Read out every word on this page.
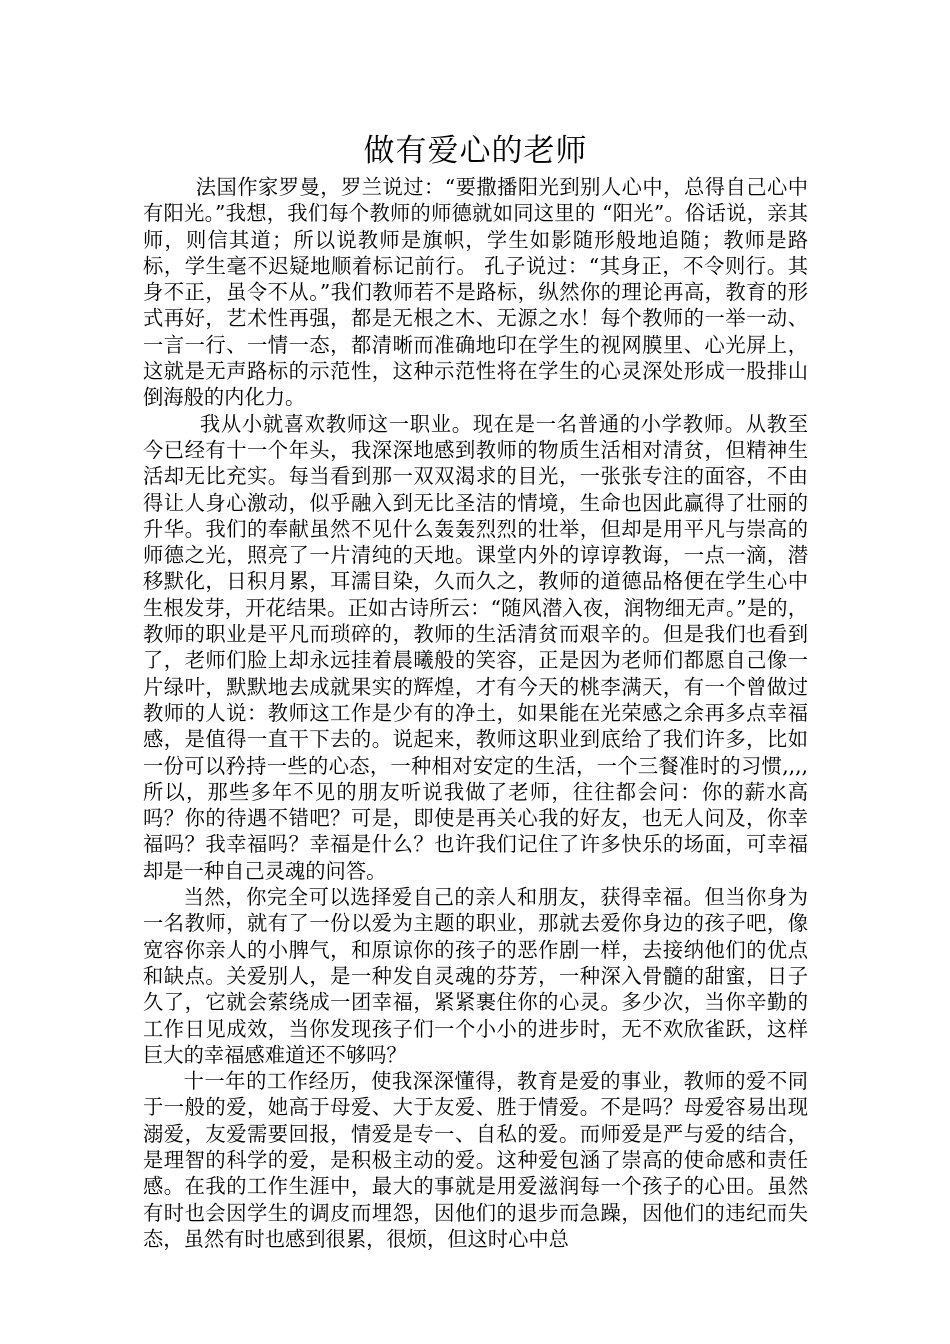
做有爱心的老师

法国作家罗曼，罗兰说过：“要撒播阳光到别人心中，总得自己心中有阳光。”我想，我们每个教师的师德就如同这里的 “阳光”。俗话说，亲其师，则信其道；所以说教师是旗帜，学生如影随形般地追随；教师是路标，学生毫不迟疑地顺着标记前行。 孔子说过：“其身正，不令则行。其身不正，虽令不从。”我们教师若不是路标，纵然你的理论再高，教育的形式再好，艺术性再强，都是无根之木、无源之水！每个教师的一举一动、一言一行、一情一态，都清晰而准确地印在学生的视网膜里、心光屏上，这就是无声路标的示范性，这种示范性将在学生的心灵深处形成一股排山倒海般的内化力。

我从小就喜欢教师这一职业。现在是一名普通的小学教师。从教至今已经有十一个年头，我深深地感到教师的物质生活相对清贫，但精神生活却无比充实。每当看到那一双双渴求的目光，一张张专注的面容，不由得让人身心激动，似乎融入到无比圣洁的情境，生命也因此赢得了壮丽的升华。我们的奉献虽然不见什么轰轰烈烈的壮举，但却是用平凡与崇高的师德之光，照亮了一片清纯的天地。课堂内外的谆谆教诲，一点一滴，潜移默化，日积月累，耳濡目染，久而久之，教师的道德品格便在学生心中生根发芽，开花结果。正如古诗所云：“随风潜入夜，润物细无声。”是的，教师的职业是平凡而琐碎的，教师的生活清贫而艰辛的。但是我们也看到了，老师们脸上却永远挂着晨曦般的笑容，正是因为老师们都愿自己像一片绿叶，默默地去成就果实的辉煌，才有今天的桃李满天，有一个曾做过教师的人说：教师这工作是少有的净土，如果能在光荣感之余再多点幸福感，是值得一直干下去的。说起来，教师这职业到底给了我们许多，比如一份可以矜持一些的心态，一种相对安定的生活，一个三餐准时的习惯,,,,所以，那些多年不见的朋友听说我做了老师，往往都会问：你的薪水高吗？你的待遇不错吧？可是，即使是再关心我的好友，也无人问及，你幸福吗？我幸福吗？幸福是什么？也许我们记住了许多快乐的场面，可幸福却是一种自己灵魂的问答。

当然，你完全可以选择爱自己的亲人和朋友，获得幸福。但当你身为一名教师，就有了一份以爱为主题的职业，那就去爱你身边的孩子吧，像宽容你亲人的小脾气，和原谅你的孩子的恶作剧一样，去接纳他们的优点和缺点。关爱别人，是一种发自灵魂的芬芳，一种深入骨髓的甜蜜，日子久了，它就会萦绕成一团幸福，紧紧裹住你的心灵。多少次，当你辛勤的工作日见成效，当你发现孩子们一个小小的进步时，无不欢欣雀跃，这样巨大的幸福感难道还不够吗？

十一年的工作经历，使我深深懂得，教育是爱的事业，教师的爱不同于一般的爱，她高于母爱、大于友爱、胜于情爱。不是吗？母爱容易出现溺爱，友爱需要回报，情爱是专一、自私的爱。而师爱是严与爱的结合，是理智的科学的爱，是积极主动的爱。这种爱包涵了崇高的使命感和责任感。在我的工作生涯中，最大的事就是用爱滋润每一个孩子的心田。虽然有时也会因学生的调皮而埋怨，因他们的退步而急躁，因他们的违纪而失态，虽然有时也感到很累，很烦，但这时心中总
